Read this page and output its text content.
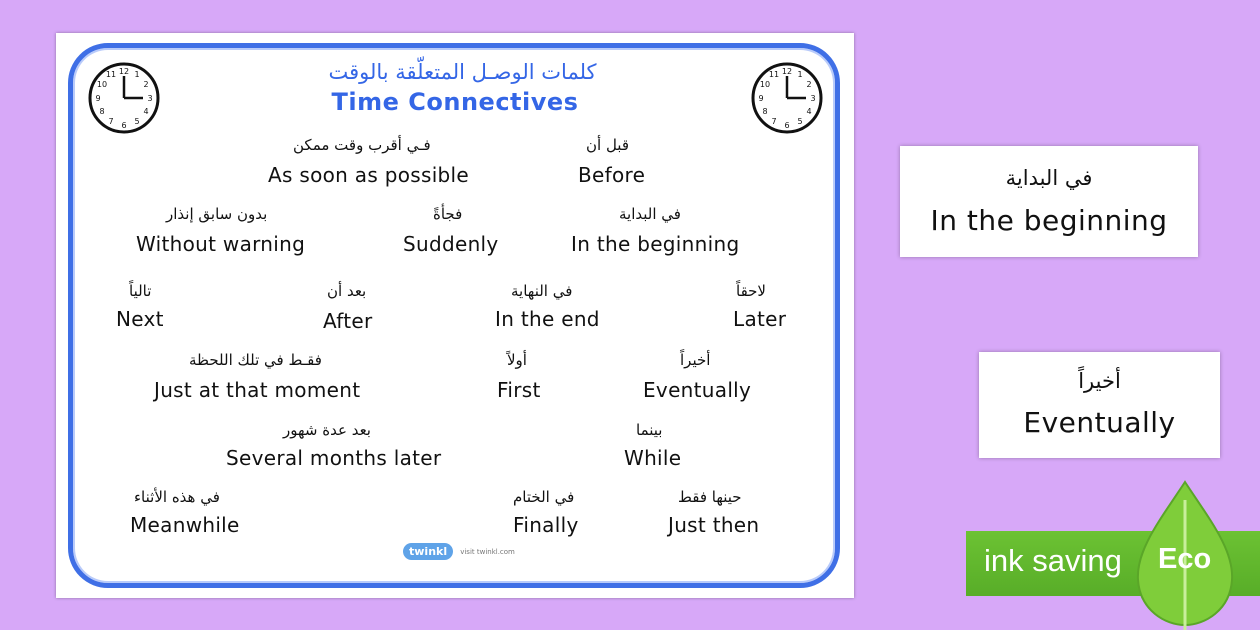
12 1
2
3
4
5
6
7
8
9
10
11	12 1
2
3
4
5
6
7
8
9
10
11
كلمات الوصـل المتعلّقة بالوقت
Time Connectives
فـي أقرب وقت ممكن
As soon as possible
قبل أن
Before
بدون سابق إنذار
Without warning
فجأةً
Suddenly
في البداية
In the beginning
تالياً
Next
بعد أن
After
في النهاية
In the end
لاحقاً
Later
فقـط في تلك اللحظة
Just at that moment
أولاً
First
أخيراً
Eventually
بعد عدة شهور
Several months later
بينما
While
في هذه الأثناء
Meanwhile
في الختام
Finally
حينها فقط
Just then
twinkl visit twinkl.com
في البداية
In the beginning
أخيراً
Eventually
ink saving Eco
